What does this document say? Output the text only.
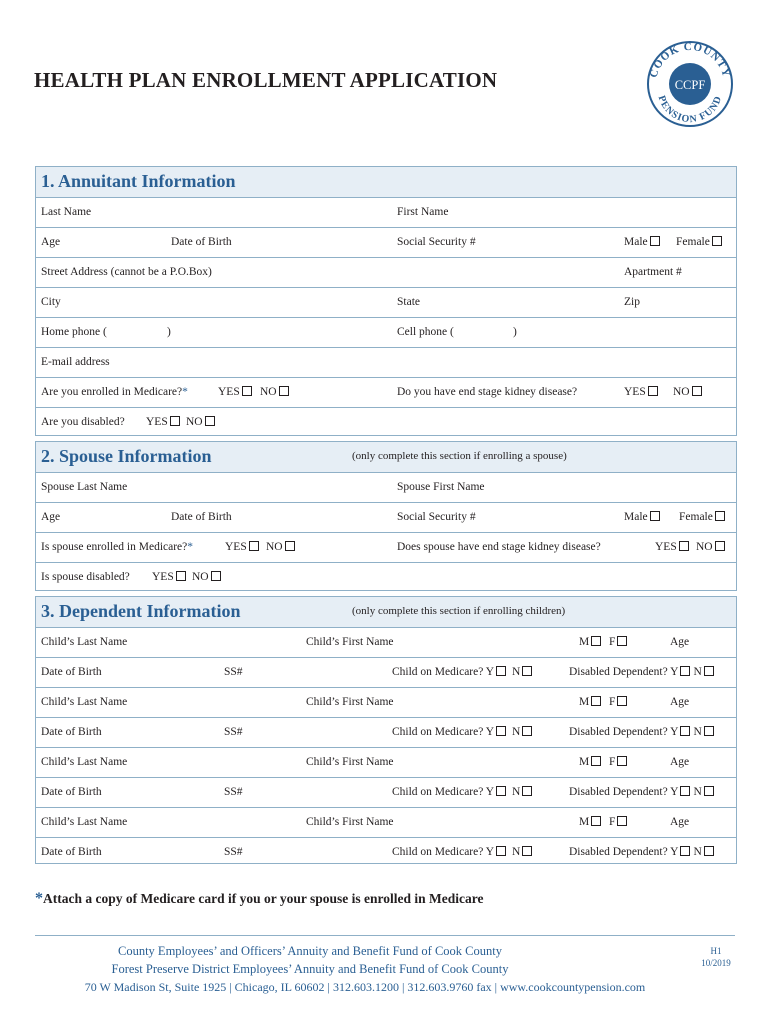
HEALTH PLAN ENROLLMENT APPLICATION	CCPF
COOK COUNTY
PENSION FUND
1. Annuitant Information
Last Name	First Name
Age	Date of Birth	Social Security #	Male	Female
Street Address (cannot be a P.O.Box)	Apartment #
City	State	Zip
Home phone (	)	Cell phone (	)
E-mail address
Are you enrolled in Medicare?*	YES	NO	Do you have end stage kidney disease?	YES	NO
Are you disabled? YES	NO
2. Spouse Information	(only complete this section if enrolling a spouse)
Spouse Last Name	Spouse First Name
Age	Date of Birth	Social Security #	Male	Female
Is spouse enrolled in Medicare?*	YES	NO	Does spouse have end stage kidney disease?	YES	NO
Is spouse disabled? YES	NO
3. Dependent Information	(only complete this section if enrolling children)
Child’s Last Name	Child’s First Name	M	F	Age
Date of Birth	SS#	Child on Medicare? Y N	Disabled Dependent? Y N
Child’s Last Name	Child’s First Name	M	F	Age
Date of Birth	SS#	Child on Medicare? Y N	Disabled Dependent? Y N
Child’s Last Name	Child’s First Name	M	F	Age
Date of Birth	SS#	Child on Medicare? Y N	Disabled Dependent? Y N
Child’s Last Name	Child’s First Name	M	F	Age
Date of Birth	SS#	Child on Medicare? Y N	Disabled Dependent? Y N
*Attach a copy of Medicare card if you or your spouse is enrolled in Medicare
County Employees’ and Officers’ Annuity and Benefit Fund of Cook County
Forest Preserve District Employees’ Annuity and Benefit Fund of Cook County
70 W Madison St, Suite 1925 | Chicago, IL 60602 | 312.603.1200 | 312.603.9760 fax | www.cookcountypension.com
H1
10/2019
